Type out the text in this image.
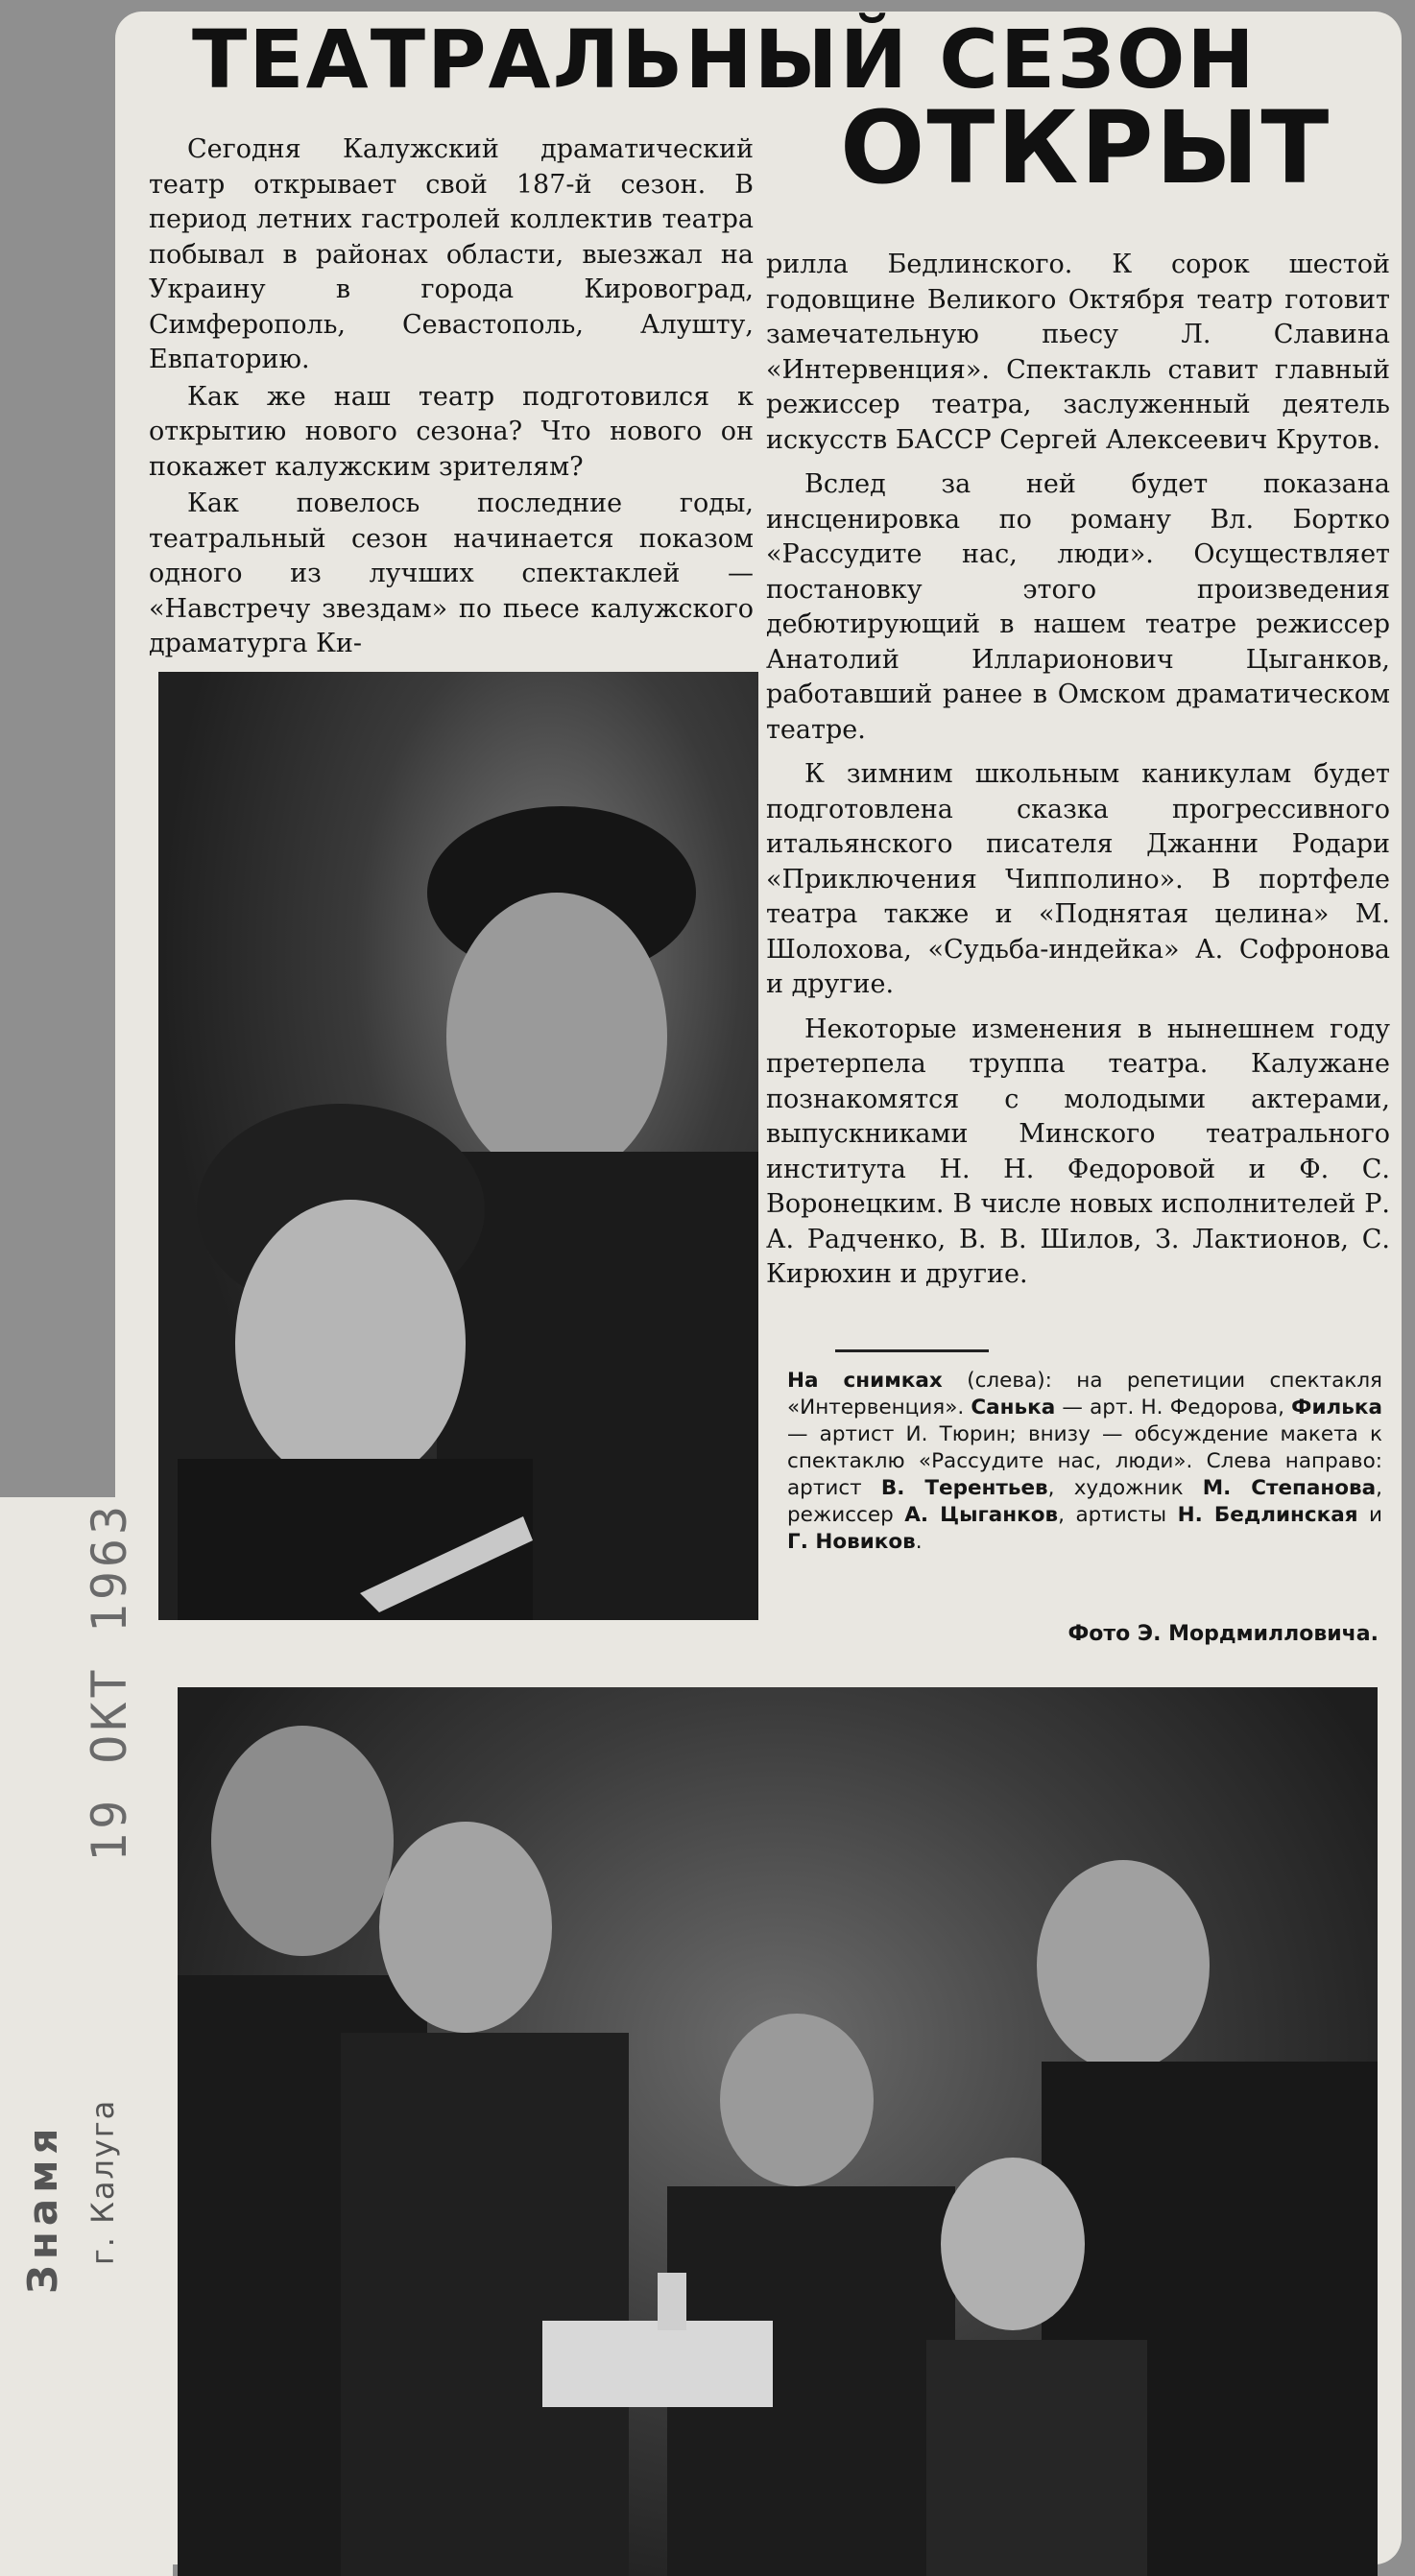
ТЕАТРАЛЬНЫЙ СЕЗОН
ОТКРЫТ

Сегодня Калужский драматический театр открывает свой 187-й сезон. В период летних гастролей коллектив театра побывал в районах области, выезжал на Украину в города Кировоград, Симферополь, Севастополь, Алушту, Евпаторию.

Как же наш театр подготовился к открытию нового сезона? Что нового он покажет калужским зрителям?

Как повелось последние годы, театральный сезон начинается показом одного из лучших спектаклей — «Навстречу звездам» по пьесе калужского драматурга Ки-

рилла Бедлинского. К сорок шестой годовщине Великого Октября театр готовит замечательную пьесу Л. Славина «Интервенция». Спектакль ставит главный режиссер театра, заслуженный деятель искусств БАССР Сергей Алексеевич Крутов.

Вслед за ней будет показана инсценировка по роману Вл. Бортко «Рассудите нас, люди». Осуществляет постановку этого произведения дебютирующий в нашем театре режиссер Анатолий Илларионович Цыганков, работавший ранее в Омском драматическом театре.

К зимним школьным каникулам будет подготовлена сказка прогрессивного итальянского писателя Джанни Родари «Приключения Чипполино». В портфеле театра также и «Поднятая целина» М. Шолохова, «Судьба-индейка» А. Софронова и другие.

Некоторые изменения в нынешнем году претерпела труппа театра. Калужане познакомятся с молодыми актерами, выпускниками Минского театрального института Н. Н. Федоровой и Ф. С. Воронецким. В числе новых исполнителей Р. А. Радченко, В. В. Шилов, З. Лактионов, С. Кирюхин и другие.

На снимках (слева): на репетиции спектакля «Интервенция». Санька — арт. Н. Федорова, Филька — артист И. Тюрин; внизу — обсуждение макета к спектаклю «Рассудите нас, люди». Слева направо: артист В. Терентьев, художник М. Степанова, режиссер А. Цыганков, артисты Н. Бедлинская и Г. Новиков.
Фото Э. Мордмилловича.
19 ОКТ 1963
Знамя г. Калуга
